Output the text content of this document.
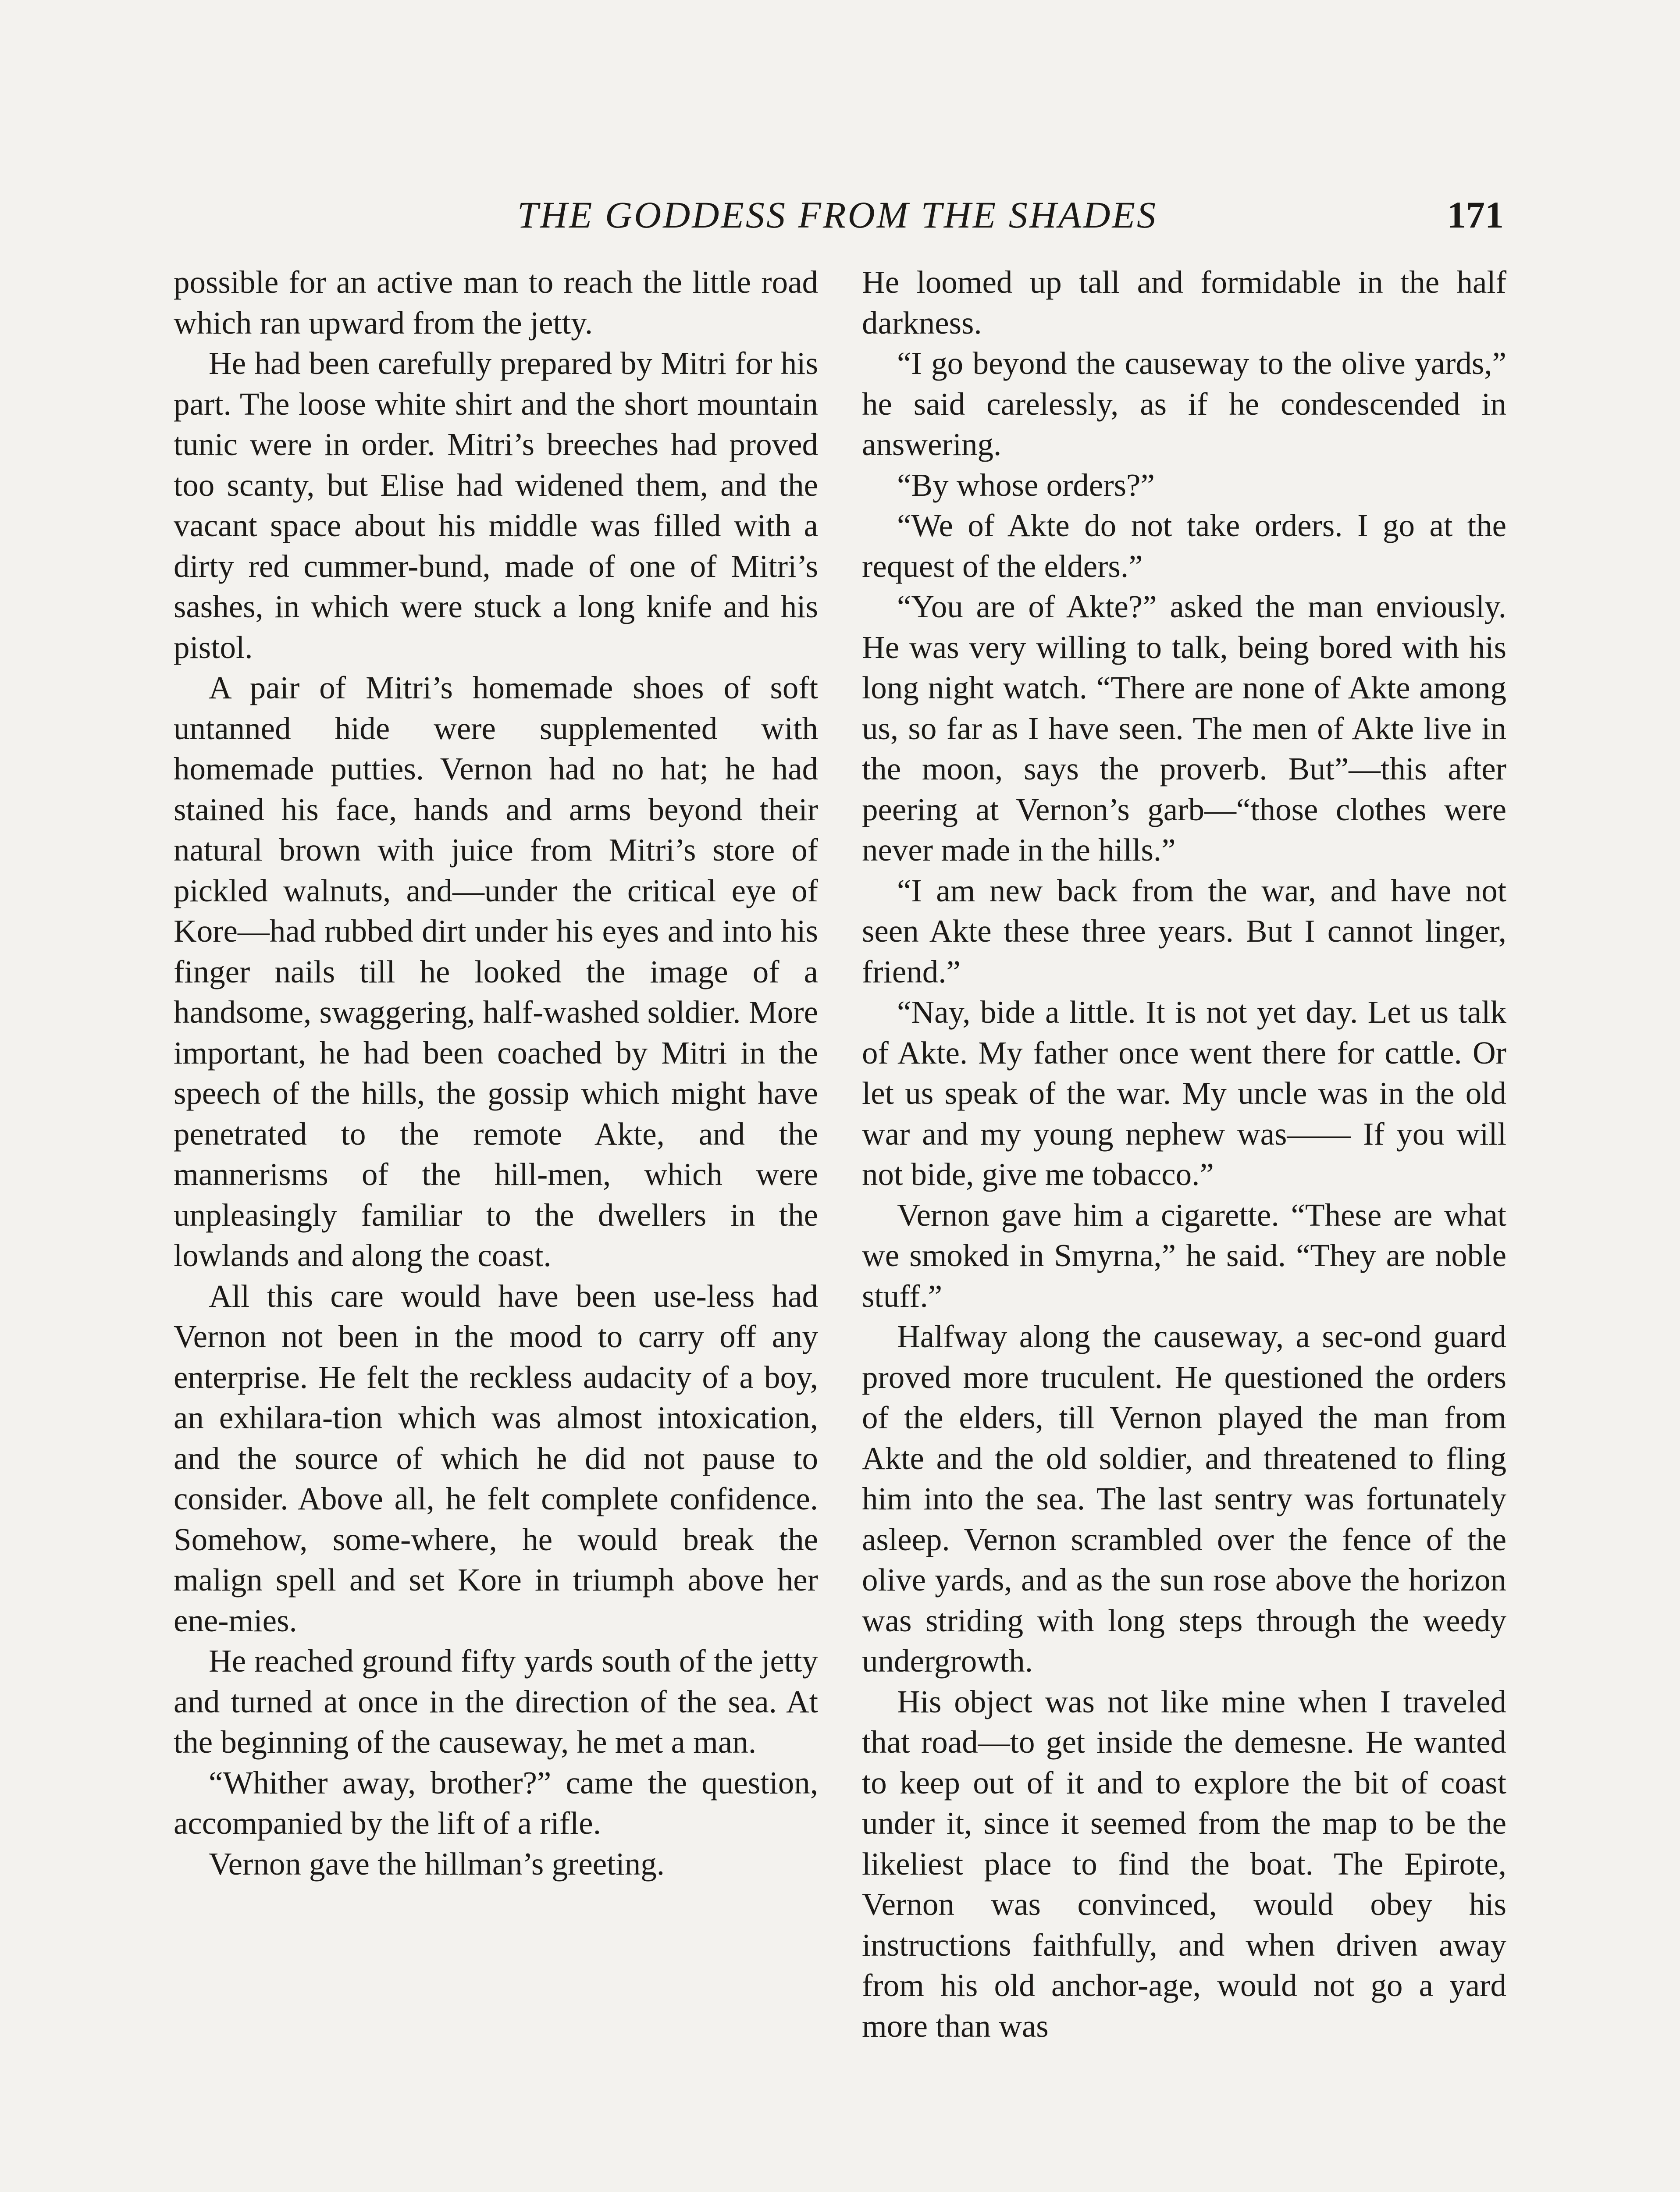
THE GODDESS FROM THE SHADES	171

possible for an active man to reach the little road which ran upward from the jetty.

He had been carefully prepared by Mitri for his part. The loose white shirt and the short mountain tunic were in order. Mitri’s breeches had proved too scanty, but Elise had widened them, and the vacant space about his middle was filled with a dirty red cummer-bund, made of one of Mitri’s sashes, in which were stuck a long knife and his pistol.

A pair of Mitri’s homemade shoes of soft untanned hide were supplemented with homemade putties. Vernon had no hat; he had stained his face, hands and arms beyond their natural brown with juice from Mitri’s store of pickled walnuts, and—under the critical eye of Kore—had rubbed dirt under his eyes and into his finger nails till he looked the image of a handsome, swaggering, half-washed soldier. More important, he had been coached by Mitri in the speech of the hills, the gossip which might have penetrated to the remote Akte, and the mannerisms of the hill-men, which were unpleasingly familiar to the dwellers in the lowlands and along the coast.

All this care would have been use-less had Vernon not been in the mood to carry off any enterprise. He felt the reckless audacity of a boy, an exhilara-tion which was almost intoxication, and the source of which he did not pause to consider. Above all, he felt complete confidence. Somehow, some-where, he would break the malign spell and set Kore in triumph above her ene-mies.

He reached ground fifty yards south of the jetty and turned at once in the direction of the sea. At the beginning of the causeway, he met a man.

“Whither away, brother?” came the question, accompanied by the lift of a rifle.

Vernon gave the hillman’s greeting.

He loomed up tall and formidable in the half darkness.

“I go beyond the causeway to the olive yards,” he said carelessly, as if he condescended in answering.

“By whose orders?”

“We of Akte do not take orders. I go at the request of the elders.”

“You are of Akte?” asked the man enviously. He was very willing to talk, being bored with his long night watch. “There are none of Akte among us, so far as I have seen. The men of Akte live in the moon, says the proverb. But”—this after peering at Vernon’s garb—“those clothes were never made in the hills.”

“I am new back from the war, and have not seen Akte these three years. But I cannot linger, friend.”

“Nay, bide a little. It is not yet day. Let us talk of Akte. My father once went there for cattle. Or let us speak of the war. My uncle was in the old war and my young nephew was—— If you will not bide, give me tobacco.”

Vernon gave him a cigarette. “These are what we smoked in Smyrna,” he said. “They are noble stuff.”

Halfway along the causeway, a sec-ond guard proved more truculent. He questioned the orders of the elders, till Vernon played the man from Akte and the old soldier, and threatened to fling him into the sea. The last sentry was fortunately asleep. Vernon scrambled over the fence of the olive yards, and as the sun rose above the horizon was striding with long steps through the weedy undergrowth.

His object was not like mine when I traveled that road—to get inside the demesne. He wanted to keep out of it and to explore the bit of coast under it, since it seemed from the map to be the likeliest place to find the boat. The Epirote, Vernon was convinced, would obey his instructions faithfully, and when driven away from his old anchor-age, would not go a yard more than was
